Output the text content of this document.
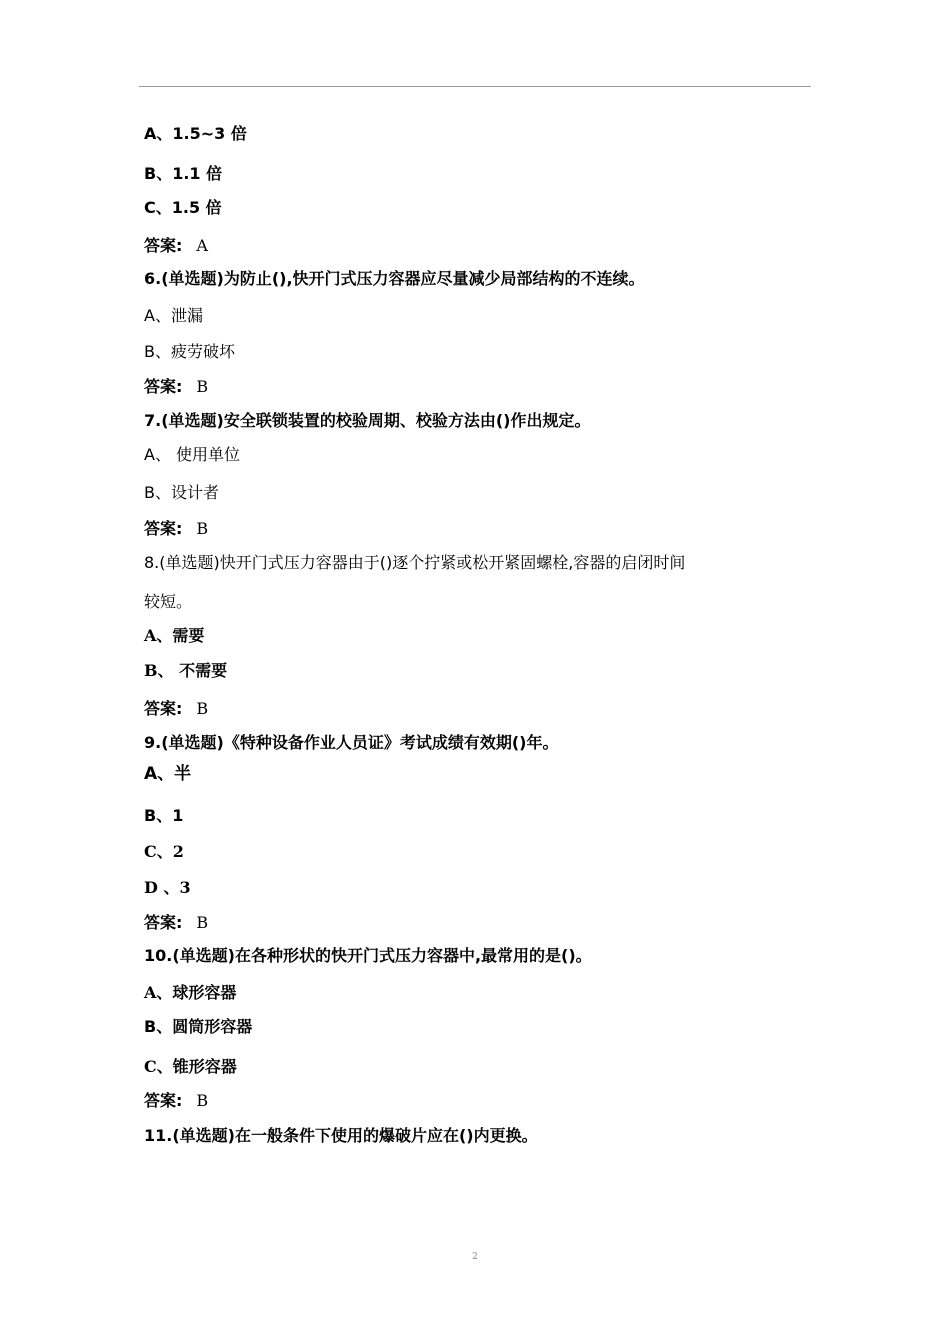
A、1.5~3 倍
B、1.1 倍
C、1.5 倍
答案: A
6.(单选题)为防止(),快开门式压力容器应尽量减少局部结构的不连续。
A、泄漏
B、疲劳破坏
答案: B
7.(单选题)安全联锁装置的校验周期、校验方法由()作出规定。
A、 使用单位
B、设计者
答案: B
8.(单选题)快开门式压力容器由于()逐个拧紧或松开紧固螺栓,容器的启闭时间
较短。
A、需要
B、 不需要
答案: B
9.(单选题)《特种设备作业人员证》考试成绩有效期()年。
A、半
B、1
C、2
D 、3
答案: B
10.(单选题)在各种形状的快开门式压力容器中,最常用的是()。
A、球形容器
B、圆筒形容器
C、锥形容器
答案: B
11.(单选题)在一般条件下使用的爆破片应在()内更换。
2
